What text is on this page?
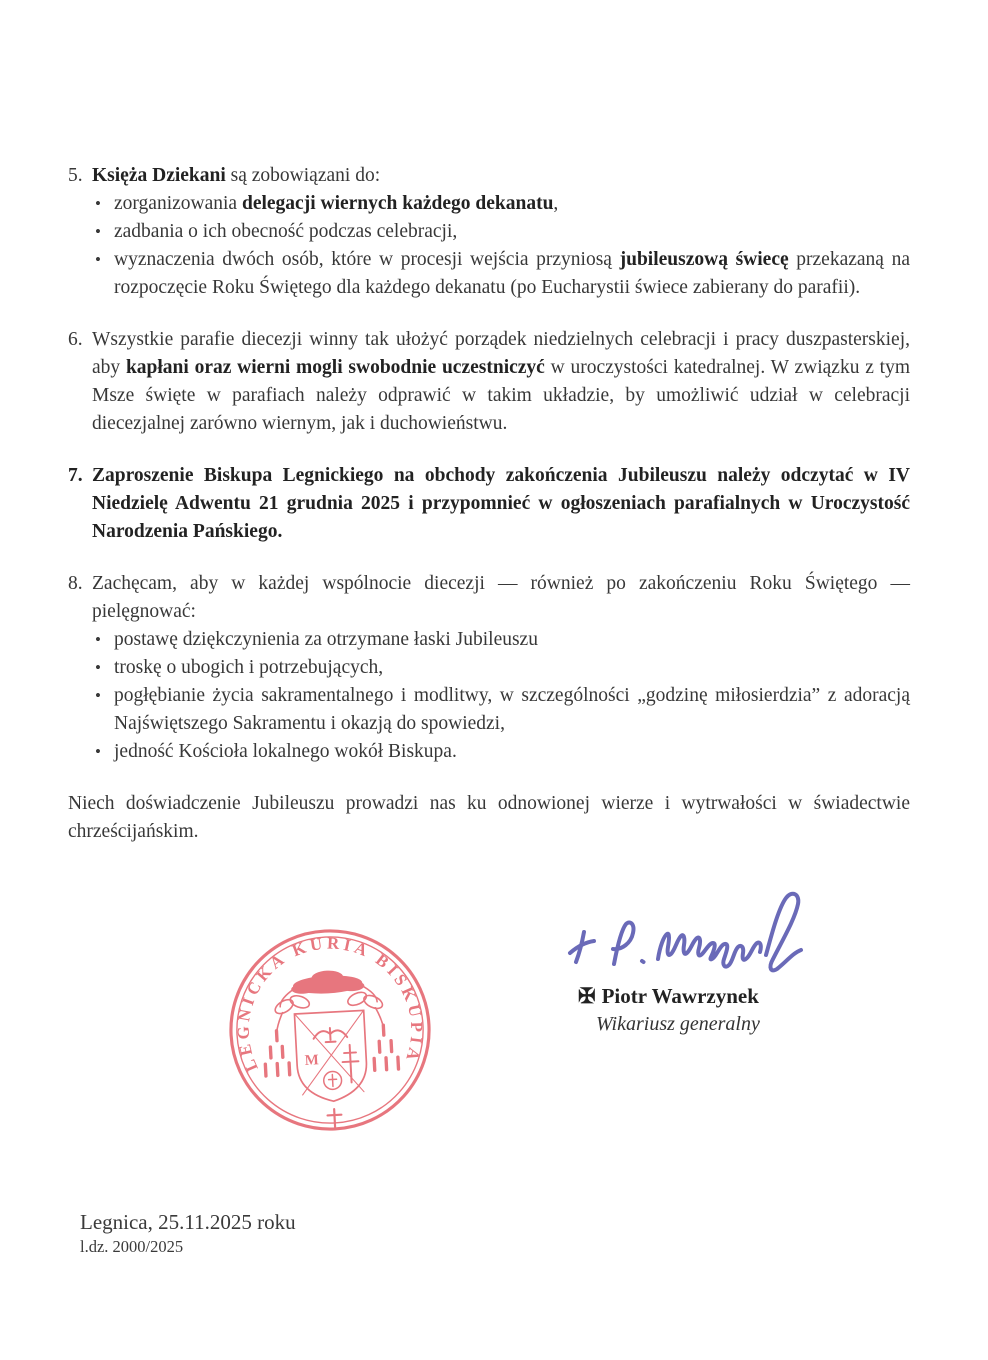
5. Księża Dziekani są zobowiązani do:

• zorganizowania delegacji wiernych każdego dekanatu,
• zadbania o ich obecność podczas celebracji,
• wyznaczenia dwóch osób, które w procesji wejścia przyniosą jubileuszową świecę przekazaną na rozpoczęcie Roku Świętego dla każdego dekanatu (po Eucharystii świece zabierany do parafii).
6. Wszystkie parafie diecezji winny tak ułożyć porządek niedzielnych celebracji i pracy duszpasterskiej, aby kapłani oraz wierni mogli swobodnie uczestniczyć w uroczystości katedralnej. W związku z tym Msze święte w parafiach należy odprawić w takim układzie, by umożliwić udział w celebracji diecezjalnej zarówno wiernym, jak i duchowieństwu.

7. Zaproszenie Biskupa Legnickiego na obchody zakończenia Jubileuszu należy odczytać w IV Niedzielę Adwentu 21 grudnia 2025 i przypomnieć w ogłoszeniach parafialnych w Uroczystość Narodzenia Pańskiego.

8. Zachęcam, aby w każdej wspólnocie diecezji — również po zakończeniu Roku Świętego — pielęgnować:

• postawę dziękczynienia za otrzymane łaski Jubileuszu
• troskę o ubogich i potrzebujących,
• pogłębianie życia sakramentalnego i modlitwy, w szczególności „godzinę miłosierdzia” z adoracją Najświętszego Sakramentu i okazją do spowiedzi,
• jedność Kościoła lokalnego wokół Biskupa.

Niech doświadczenie Jubileuszu prowadzi nas ku odnowionej wierze i wytrwałości w świadectwie chrześcijańskim.

LEGNICKA KURIA BISKUPIA
M
✠ Piotr Wawrzynek
Wikariusz generalny
Legnica, 25.11.2025 roku
l.dz. 2000/2025
